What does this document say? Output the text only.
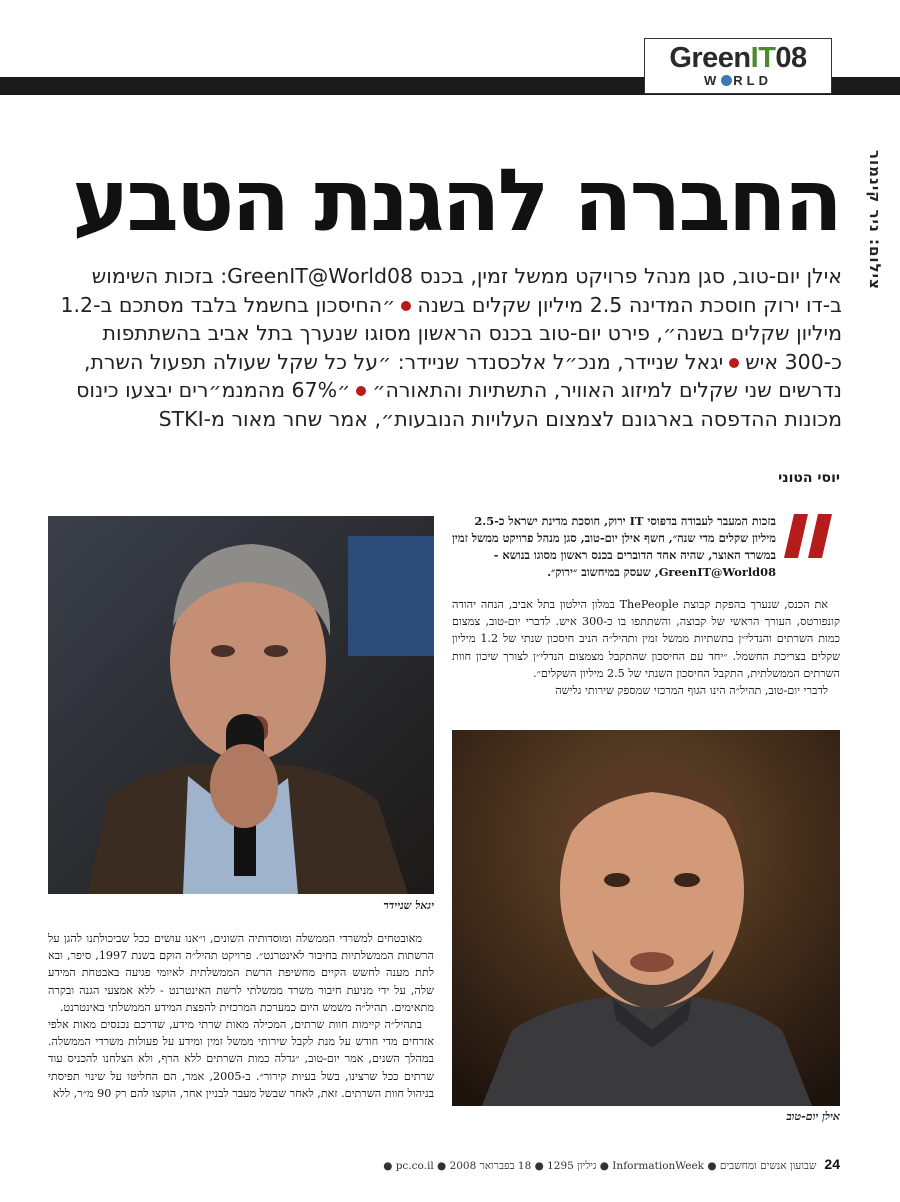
GreenIT08
W RLD
צילום: ניר קינמור
החברה להגנת הטבע
אילן יום-טוב, סגן מנהל פרויקט ממשל זמין, בכנס GreenIT@World08: בזכות השימוש ב-דו ירוק חוסכת המדינה 2.5 מיליון שקלים בשנה״החיסכון בחשמל בלבד מסתכם ב-1.2 מיליון שקלים בשנה״, פירט יום-טוב בכנס הראשון מסוגו שנערך בתל אביב בהשתתפות כ-300 אישיגאל שניידר, מנכ״ל אלכסנדר שניידר: ״על כל שקל שעולה תפעול השרת, נדרשים שני שקלים למיזוג האוויר, התשתיות והתאורה״״67% מהמנמ״רים יבצעו כינוס מכונות ההדפסה בארגונם לצמצום העלויות הנובעות״, אמר שחר מאור מ-STKI
יוסי הטוני
בזכות המעבר לעבודה בדפוסי IT ירוק, חוסכת מדינת ישראל כ-2.5 מיליון שקלים מדי שנה״, חשף אילן יום-טוב, סגן מנהל פרויקט ממשל זמין במשרד האוצר, שהיה אחד הדוברים בכנס ראשון מסוגו בנושא - GreenIT@World08, שעסק במיחשוב ״ירוק״.

את הכנס, שנערך בהפקת קבוצת ThePeople במלון הילטון בתל אביב, הנחה יהודה קונפורטס, העורך הראשי של קבוצה, והשתתפו בו כ-300 איש. לדברי יום-טוב, צמצום כמות השרתים והנדלי״ן בתשתיות ממשל זמין ותהיל״ה הניב חיסכון שנתי של 1.2 מיליון שקלים בצריכת החשמל. ״יחד עם החיסכון שהתקבל מצמצום הנדלי״ן לצורך שיכון חוות השרתים הממשלתית, התקבל החיסכון השנתי של 2.5 מיליון השקלים״.

לדברי יום-טוב, תהיל״ה הינו הגוף המרכזי שמספק שירותי גלישה

יגאל שניידר
אילן יום-טוב

מאובטחים למשרדי הממשלה ומוסדותיה השונים, ו״אנו עושים ככל שביכולתנו להגן על הרשתות הממשלתיות בחיבור לאינטרנט״. פרויקט תהיל״ה הוקם בשנת 1997, סיפר, ובא לתת מענה לחשש הקיים מחשיפת הרשת הממשלתית לאיומי פגיעה באבטחת המידע שלה, על ידי מניעת חיבור משרד ממשלתי לרשת האינטרנט - ללא אמצעי הגנה ובקרה מתאימים. תהיל״ה משמש היום כמערכת המרכזית להפצת המידע הממשלתי באינטרנט.

בתהיל״ה קיימות חוות שרתים, המכילה מאות שרתי מידע, שדרכם נכנסים מאות אלפי אזרחים מדי חודש על מנת לקבל שירותי ממשל זמין ומידע על פעולות משרדי הממשלה. במהלך השנים, אמר יום-טוב, ״גדלה כמות השרתים ללא הרף, ולא הצלחנו להכניס עוד שרתים ככל שרצינו, בשל בעיות קירור״. ב-2005, אמר, הם החליטו על שינוי תפיסתי בניהול חוות השרתים. זאת, לאחר שבשל מעבר לבניין אחר, הוקצו להם רק 90 מ״ר, ללא

24שבועון אנשים ומחשבים ● InformationWeek ● גיליון 1295 ● 18 בפברואר 2008 ● pc.co.il ●
